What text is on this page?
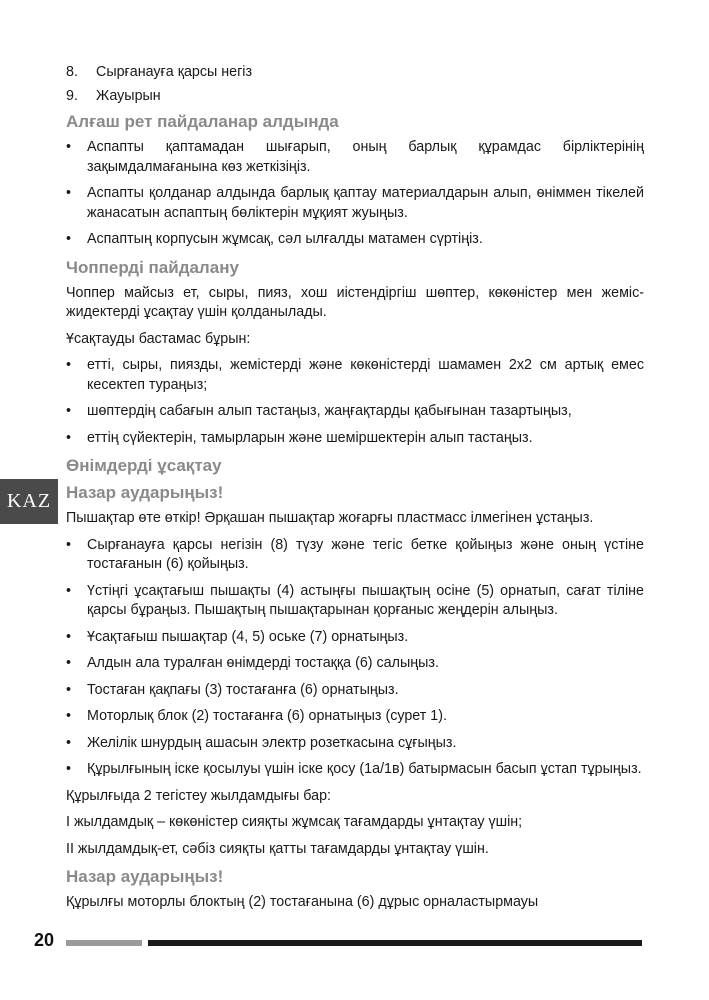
8. Сырғанауға қарсы негіз
9. Жауырын
Алғаш рет пайдаланар алдында
• Аспапты қаптамадан шығарып, оның барлық құрамдас бірліктерінің зақымдалмағанына көз жеткізіңіз.
• Аспапты қолданар алдында барлық қаптау материалдарын алып, өніммен тікелей жанасатын аспаптың бөліктерін мұқият жуыңыз.
• Аспаптың корпусын жұмсақ, сәл ылғалды матамен сүртіңіз.
Чопперді пайдалану

Чоппер майсыз ет, сыры, пияз, хош иістендіргіш шөптер, көкөністер мен жеміс-жидектерді ұсақтау үшін қолданылады.

Ұсақтауды бастамас бұрын:

• етті, сыры, пиязды, жемістерді және көкөністерді шамамен 2х2 см артық емес кесектеп тураңыз;
• шөптердің сабағын алып тастаңыз, жаңғақтарды қабығынан тазартыңыз,
• еттің сүйектерін, тамырларын және шеміршектерін алып тастаңыз.
Өнімдерді ұсақтау
Назар аударыңыз!

Пышақтар өте өткір! Әрқашан пышақтар жоғарғы пластмасс ілмегінен ұстаңыз.

• Сырғанауға қарсы негізін (8) түзу және тегіс бетке қойыңыз және оның үстіне тостағанын (6) қойыңыз.
• Үстіңгі ұсақтағыш пышақты (4) астыңғы пышақтың осіне (5) орнатып, сағат тіліне қарсы бұраңыз. Пышақтың пышақтарынан қорғаныс жеңдерін алыңыз.
• Ұсақтағыш пышақтар (4, 5) оське (7) орнатыңыз.
• Алдын ала туралған өнімдерді тостаққа (6) салыңыз.
• Тостаған қақпағы (3) тостағанға (6) орнатыңыз.
• Моторлық блок (2) тостағанға (6) орнатыңыз (сурет 1).
• Желілік шнурдың ашасын электр розеткасына сұғыңыз.
• Құрылғының іске қосылуы үшін іске қосу (1а/1в) батырмасын басып ұстап тұрыңыз.

Құрылғыда 2 тегістеу жылдамдығы бар:

I жылдамдық – көкөністер сияқты жұмсақ тағамдарды ұнтақтау үшін;

II жылдамдық-ет, сәбіз сияқты қатты тағамдарды ұнтақтау үшін.

Назар аударыңыз!

Құрылғы моторлы блоктың (2) тостағанына (6) дұрыс орналастырмауы

KAZ
20
